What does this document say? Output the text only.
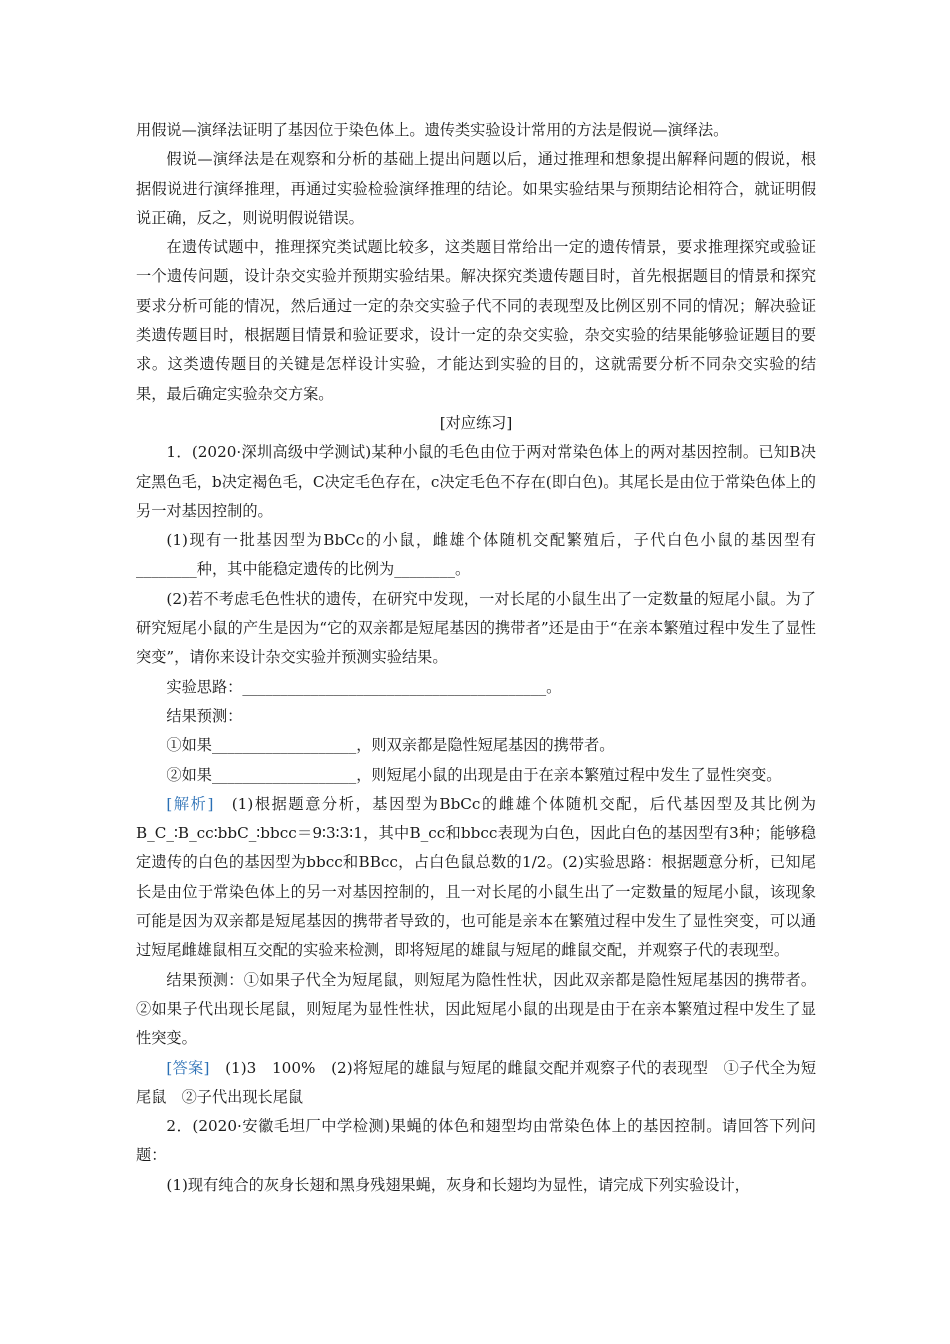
用假说—演绎法证明了基因位于染色体上。遗传类实验设计常用的方法是假说—演绎法。

假说—演绎法是在观察和分析的基础上提出问题以后，通过推理和想象提出解释问题的假说，根据假说进行演绎推理，再通过实验检验演绎推理的结论。如果实验结果与预期结论相符合，就证明假说正确，反之，则说明假说错误。

在遗传试题中，推理探究类试题比较多，这类题目常给出一定的遗传情景，要求推理探究或验证一个遗传问题，设计杂交实验并预期实验结果。解决探究类遗传题目时，首先根据题目的情景和探究要求分析可能的情况，然后通过一定的杂交实验子代不同的表现型及比例区别不同的情况；解决验证类遗传题目时，根据题目情景和验证要求，设计一定的杂交实验，杂交实验的结果能够验证题目的要求。这类遗传题目的关键是怎样设计实验，才能达到实验的目的，这就需要分析不同杂交实验的结果，最后确定实验杂交方案。

[对应练习]

1．(2020·深圳高级中学测试)某种小鼠的毛色由位于两对常染色体上的两对基因控制。已知B决定黑色毛，b决定褐色毛，C决定毛色存在，c决定毛色不存在(即白色)。其尾长是由位于常染色体上的另一对基因控制的。

(1)现有一批基因型为BbCc的小鼠，雌雄个体随机交配繁殖后，子代白色小鼠的基因型有________种，其中能稳定遗传的比例为________。

(2)若不考虑毛色性状的遗传，在研究中发现，一对长尾的小鼠生出了一定数量的短尾小鼠。为了研究短尾小鼠的产生是因为“它的双亲都是短尾基因的携带者”还是由于“在亲本繁殖过程中发生了显性突变”，请你来设计杂交实验并预测实验结果。

实验思路：________________________________________。

结果预测：

①如果___________________，则双亲都是隐性短尾基因的携带者。

②如果___________________，则短尾小鼠的出现是由于在亲本繁殖过程中发生了显性突变。

[解析]　(1)根据题意分析，基因型为BbCc的雌雄个体随机交配，后代基因型及其比例为B_C_∶B_cc∶bbC_∶bbcc＝9∶3∶3∶1，其中B_cc和bbcc表现为白色，因此白色的基因型有3种；能够稳定遗传的白色的基因型为bbcc和BBcc，占白色鼠总数的1/2。(2)实验思路：根据题意分析，已知尾长是由位于常染色体上的另一对基因控制的，且一对长尾的小鼠生出了一定数量的短尾小鼠，该现象可能是因为双亲都是短尾基因的携带者导致的，也可能是亲本在繁殖过程中发生了显性突变，可以通过短尾雌雄鼠相互交配的实验来检测，即将短尾的雄鼠与短尾的雌鼠交配，并观察子代的表现型。

结果预测：①如果子代全为短尾鼠，则短尾为隐性性状，因此双亲都是隐性短尾基因的携带者。②如果子代出现长尾鼠，则短尾为显性性状，因此短尾小鼠的出现是由于在亲本繁殖过程中发生了显性突变。

[答案]　(1)3　100%　(2)将短尾的雄鼠与短尾的雌鼠交配并观察子代的表现型　①子代全为短尾鼠　②子代出现长尾鼠

2．(2020·安徽毛坦厂中学检测)果蝇的体色和翅型均由常染色体上的基因控制。请回答下列问题：

(1)现有纯合的灰身长翅和黑身残翅果蝇，灰身和长翅均为显性，请完成下列实验设计，
